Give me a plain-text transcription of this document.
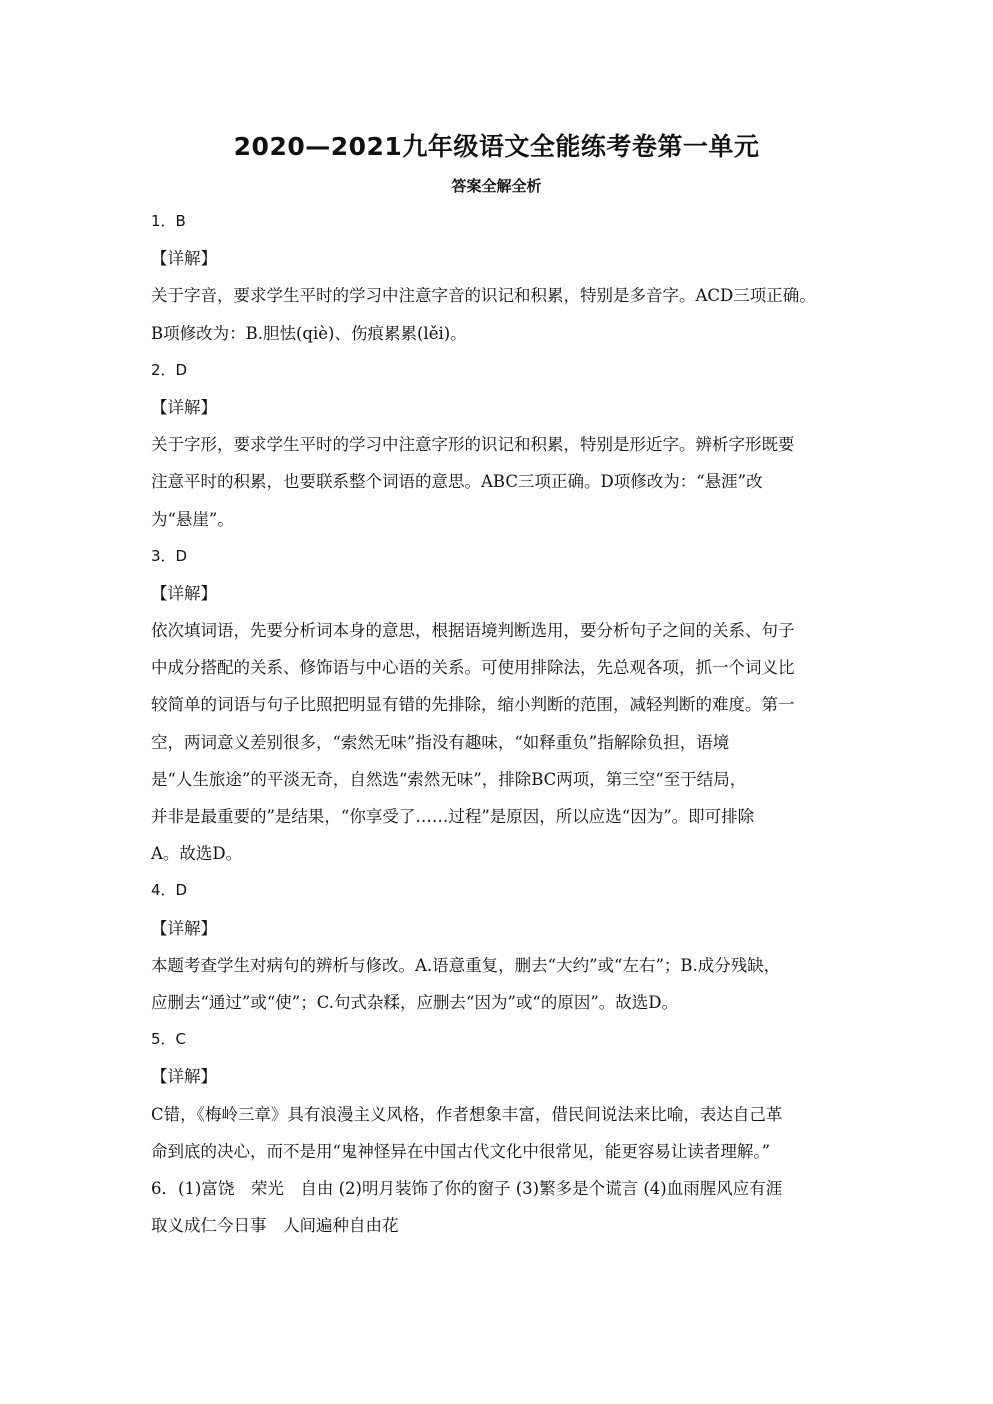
2020—2021九年级语文全能练考卷第一单元
答案全解全析
1．B
【详解】
关于字音，要求学生平时的学习中注意字音的识记和积累，特别是多音字。ACD三项正确。
B项修改为：B.胆怯(qiè)、伤痕累累(lěi)。
2．D
【详解】
关于字形，要求学生平时的学习中注意字形的识记和积累，特别是形近字。辨析字形既要
注意平时的积累，也要联系整个词语的意思。ABC三项正确。D项修改为：“悬涯”改
为“悬崖”。
3．D
【详解】
依次填词语，先要分析词本身的意思，根据语境判断选用，要分析句子之间的关系、句子
中成分搭配的关系、修饰语与中心语的关系。可使用排除法，先总观各项，抓一个词义比
较简单的词语与句子比照把明显有错的先排除，缩小判断的范围，减轻判断的难度。第一
空，两词意义差别很多，“索然无味”指没有趣味，“如释重负”指解除负担，语境
是“人生旅途”的平淡无奇，自然选“索然无味”，排除BC两项，第三空“至于结局，
并非是最重要的”是结果，“你享受了……过程”是原因，所以应选“因为”。即可排除
A。故选D。
4．D
【详解】
本题考查学生对病句的辨析与修改。A.语意重复，删去“大约”或“左右”；B.成分残缺，
应删去“通过”或“使”；C.句式杂糅，应删去“因为”或“的原因”。故选D。
5．C
【详解】
C错，《梅岭三章》具有浪漫主义风格，作者想象丰富，借民间说法来比喻，表达自己革
命到底的决心，而不是用“鬼神怪异在中国古代文化中很常见，能更容易让读者理解。”
6．(1)富饶　荣光　自由 (2)明月装饰了你的窗子 (3)繁多是个谎言 (4)血雨腥风应有涯
取义成仁今日事　人间遍种自由花
